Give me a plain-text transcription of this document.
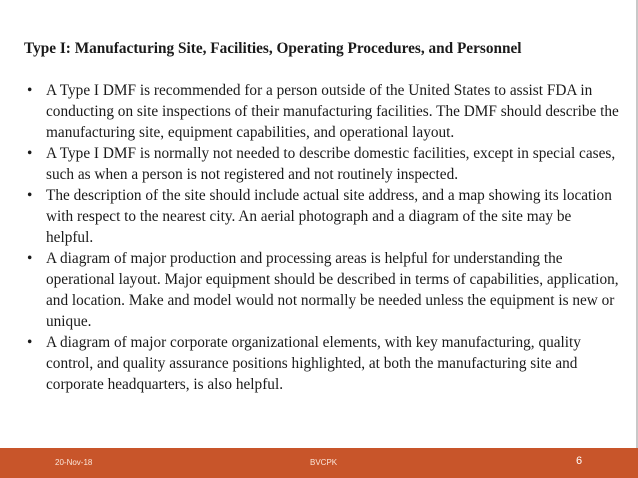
Type I: Manufacturing Site, Facilities, Operating Procedures, and Personnel
• A Type I DMF is recommended for a person outside of the United States to assist FDA in conducting on site inspections of their manufacturing facilities. The DMF should describe the manufacturing site, equipment capabilities, and operational layout.
• A Type I DMF is normally not needed to describe domestic facilities, except in special cases, such as when a person is not registered and not routinely inspected.
• The description of the site should include actual site address, and a map showing its location with respect to the nearest city. An aerial photograph and a diagram of the site may be helpful.
• A diagram of major production and processing areas is helpful for understanding the operational layout. Major equipment should be described in terms of capabilities, application, and location. Make and model would not normally be needed unless the equipment is new or unique.
• A diagram of major corporate organizational elements, with key manufacturing, quality control, and quality assurance positions highlighted, at both the manufacturing site and corporate headquarters, is also helpful.
20-Nov-18	BVCPK	6
